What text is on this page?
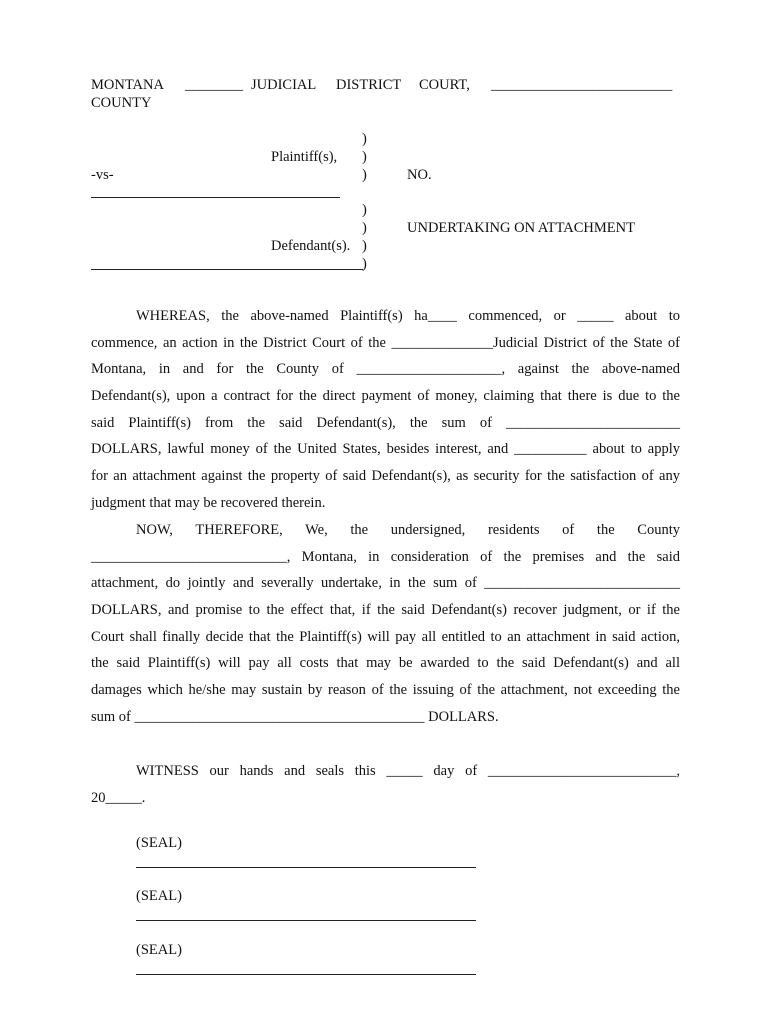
MONTANA ________ JUDICIAL DISTRICT COURT, _________________________
COUNTY
)
Plaintiff(s), )
-vs-	)	NO.
)
)	UNDERTAKING ON ATTACHMENT
Defendant(s). )
)
WHEREAS, the above-named Plaintiff(s) ha____ commenced, or _____ about to
commence, an action in the District Court of the ______________Judicial District of the State of
Montana, in and for the County of ____________________, against the above-named
Defendant(s), upon a contract for the direct payment of money, claiming that there is due to the
said Plaintiff(s) from the said Defendant(s), the sum of ________________________
DOLLARS, lawful money of the United States, besides interest, and __________ about to apply
for an attachment against the property of said Defendant(s), as security for the satisfaction of any
judgment that may be recovered therein.
NOW, THEREFORE, We, the undersigned, residents of the County
___________________________, Montana, in consideration of the premises and the said
attachment, do jointly and severally undertake, in the sum of ___________________________
DOLLARS, and promise to the effect that, if the said Defendant(s) recover judgment, or if the
Court shall finally decide that the Plaintiff(s) will pay all entitled to an attachment in said action,
the said Plaintiff(s) will pay all costs that may be awarded to the said Defendant(s) and all
damages which he/she may sustain by reason of the issuing of the attachment, not exceeding the
sum of ________________________________________ DOLLARS.
WITNESS our hands and seals this _____ day of __________________________,
20_____.
(SEAL)
(SEAL)
(SEAL)
